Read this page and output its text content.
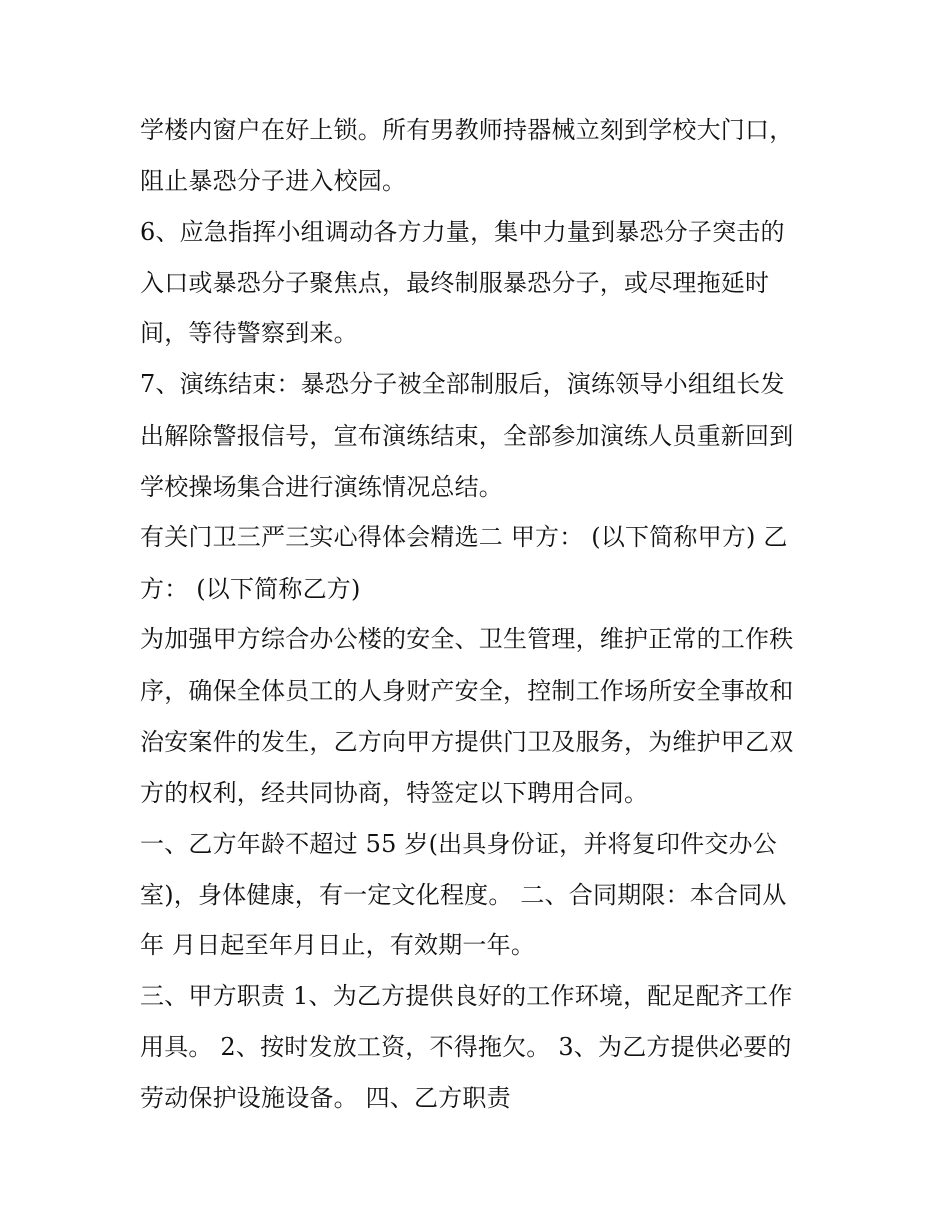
学楼内窗户在好上锁。所有男教师持器械立刻到学校大门口，
阻止暴恐分子进入校园。
6、应急指挥小组调动各方力量，集中力量到暴恐分子突击的
入口或暴恐分子聚焦点，最终制服暴恐分子，或尽理拖延时
间，等待警察到来。
7、演练结束：暴恐分子被全部制服后，演练领导小组组长发
出解除警报信号，宣布演练结束，全部参加演练人员重新回到
学校操场集合进行演练情况总结。
有关门卫三严三实心得体会精选二 甲方： (以下简称甲方) 乙
方： (以下简称乙方)
为加强甲方综合办公楼的安全、卫生管理，维护正常的工作秩
序，确保全体员工的人身财产安全，控制工作场所安全事故和
治安案件的发生，乙方向甲方提供门卫及服务，为维护甲乙双
方的权利，经共同协商，特签定以下聘用合同。
一、乙方年龄不超过 55 岁(出具身份证，并将复印件交办公
室)，身体健康，有一定文化程度。 二、合同期限：本合同从
年 月日起至年月日止，有效期一年。
三、甲方职责 1、为乙方提供良好的工作环境，配足配齐工作
用具。 2、按时发放工资，不得拖欠。 3、为乙方提供必要的
劳动保护设施设备。 四、乙方职责
